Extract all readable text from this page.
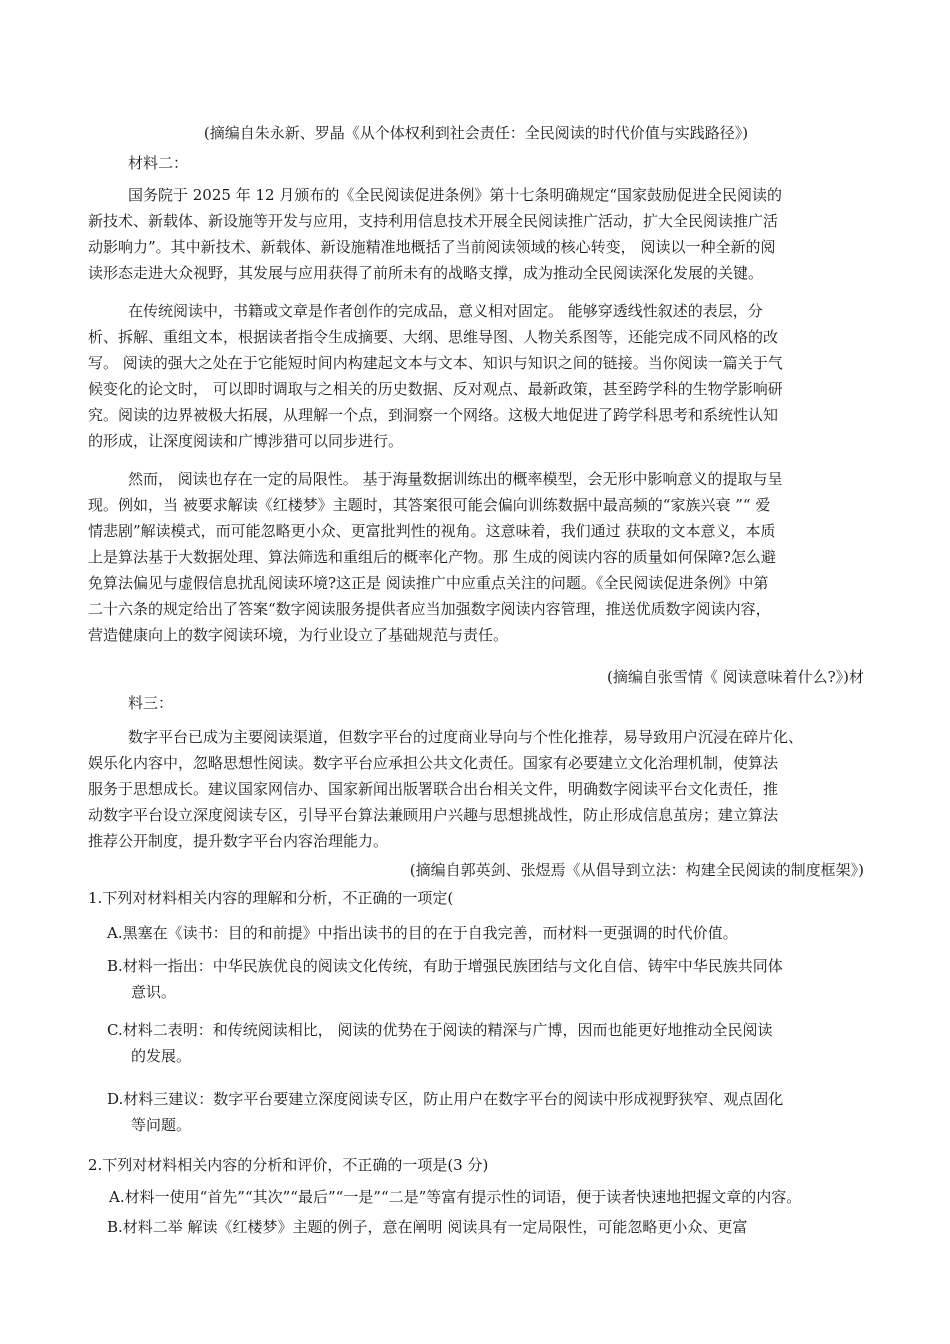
(摘编自朱永新、罗晶《从个体权利到社会责任：全民阅读的时代价值与实践路径》)
材料二：
国务院于 2025 年 12 月颁布的《全民阅读促进条例》第十七条明确规定“国家鼓励促进全民阅读的
新技术、新载体、新设施等开发与应用，支持利用信息技术开展全民阅读推广活动，扩大全民阅读推广活
动影响力”。其中新技术、新载体、新设施精准地概括了当前阅读领域的核心转变， 阅读以一种全新的阅
读形态走进大众视野，其发展与应用获得了前所未有的战略支撑，成为推动全民阅读深化发展的关键。
在传统阅读中，书籍或文章是作者创作的完成品，意义相对固定。 能够穿透线性叙述的表层，分
析、拆解、重组文本，根据读者指令生成摘要、大纲、思维导图、人物关系图等，还能完成不同风格的改
写。 阅读的强大之处在于它能短时间内构建起文本与文本、知识与知识之间的链接。当你阅读一篇关于气
候变化的论文时， 可以即时调取与之相关的历史数据、反对观点、最新政策，甚至跨学科的生物学影响研
究。阅读的边界被极大拓展，从理解一个点，到洞察一个网络。这极大地促进了跨学科思考和系统性认知
的形成，让深度阅读和广博涉猎可以同步进行。
然而， 阅读也存在一定的局限性。 基于海量数据训练出的概率模型，会无形中影响意义的提取与呈
现。例如，当 被要求解读《红楼梦》主题时，其答案很可能会偏向训练数据中最高频的“家族兴衰 ”“ 爱
情悲剧”解读模式，而可能忽略更小众、更富批判性的视角。这意味着，我们通过 获取的文本意义，本质
上是算法基于大数据处理、算法筛选和重组后的概率化产物。那 生成的阅读内容的质量如何保障?怎么避
免算法偏见与虚假信息扰乱阅读环境?这正是 阅读推广中应重点关注的问题。《全民阅读促进条例》中第
二十六条的规定给出了答案“数字阅读服务提供者应当加强数字阅读内容管理，推送优质数字阅读内容，
营造健康向上的数字阅读环境，为行业设立了基础规范与责任。
(摘编自张雪情《 阅读意味着什么?》)材
料三：
数字平台已成为主要阅读渠道，但数字平台的过度商业导向与个性化推荐，易导致用户沉浸在碎片化、
娱乐化内容中，忽略思想性阅读。数字平台应承担公共文化责任。国家有必要建立文化治理机制，使算法
服务于思想成长。建议国家网信办、国家新闻出版署联合出台相关文件，明确数字阅读平台文化责任，推
动数字平台设立深度阅读专区，引导平台算法兼顾用户兴趣与思想挑战性，防止形成信息茧房；建立算法
推荐公开制度，提升数字平台内容治理能力。
(摘编自郭英剑、张煜焉《从倡导到立法：构建全民阅读的制度框架》)
1.下列对材料相关内容的理解和分析，不正确的一项定(
A.黑塞在《读书：目的和前提》中指出读书的目的在于自我完善，而材料一更强调的时代价值。
B.材料一指出：中华民族优良的阅读文化传统，有助于增强民族团结与文化自信、铸牢中华民族共同体
意识。
C.材料二表明：和传统阅读相比， 阅读的优势在于阅读的精深与广博，因而也能更好地推动全民阅读
的发展。
D.材料三建议：数字平台要建立深度阅读专区，防止用户在数字平台的阅读中形成视野狭窄、观点固化
等问题。
2.下列对材料相关内容的分析和评价，不正确的一项是(3 分)
A.材料一使用“首先”“其次”“最后”“一是”“二是”等富有提示性的词语，便于读者快速地把握文章的内容。
B.材料二举 解读《红楼梦》主题的例子，意在阐明 阅读具有一定局限性，可能忽略更小众、更富
